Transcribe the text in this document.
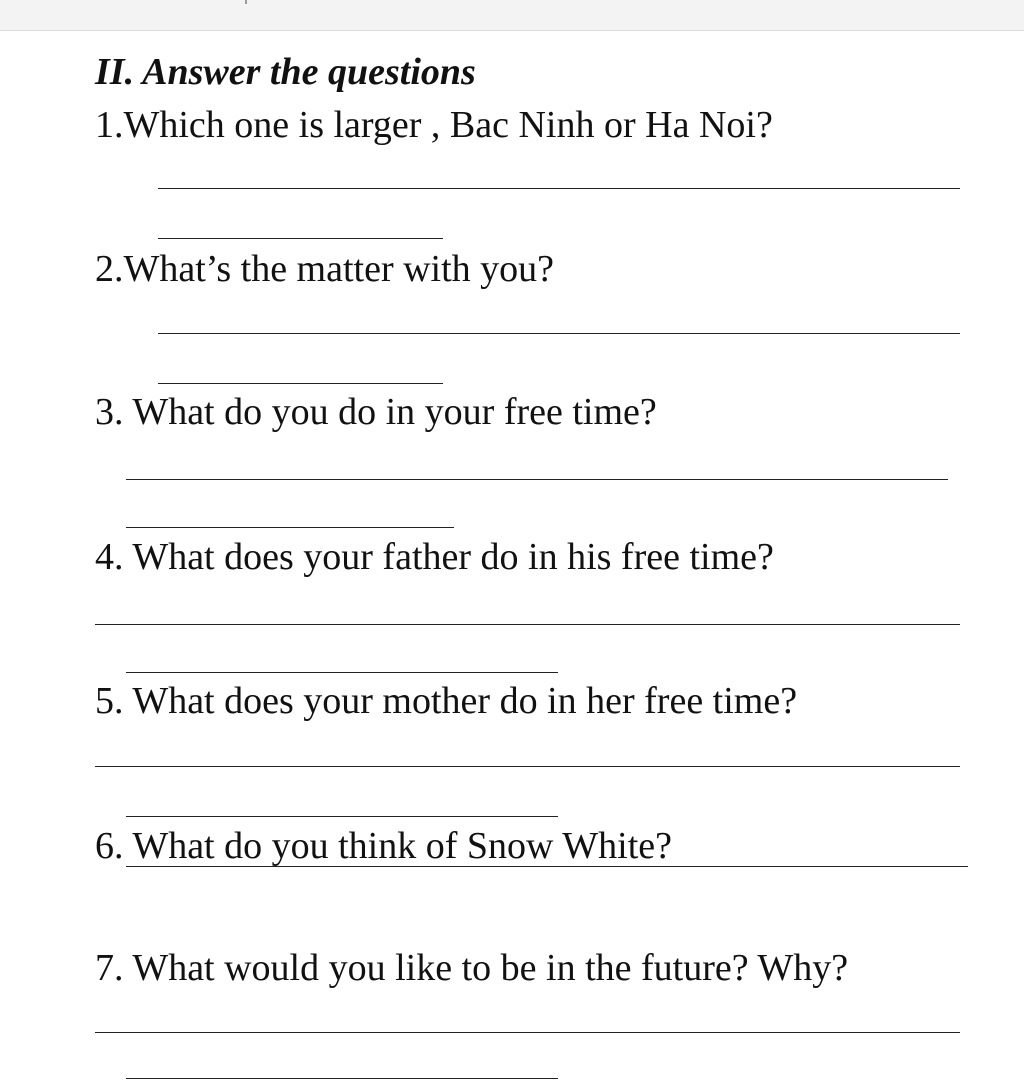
II. Answer the questions
1.Which one is larger , Bac Ninh or Ha Noi?
2.What’s the matter with you?
3. What do you do in your free time?
4. What does your father do in his free time?
5. What does your mother do in her free time?
6. What do you think of Snow White?
7. What would you like to be in the future? Why?
